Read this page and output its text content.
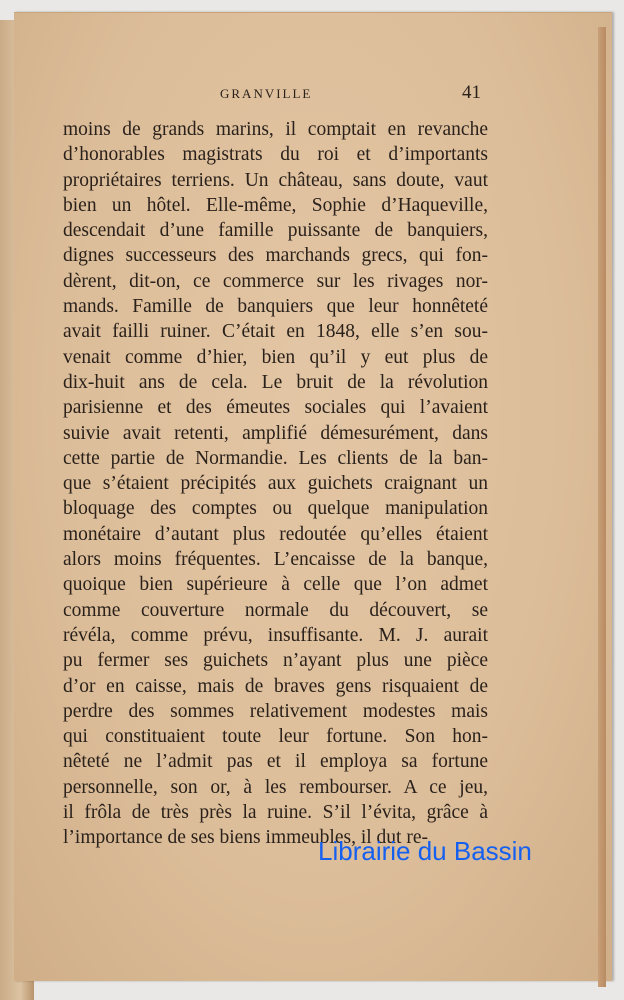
GRANVILLE	41
moins de grands marins, il comptait en revanche
d’honorables magistrats du roi et d’importants
propriétaires terriens. Un château, sans doute, vaut
bien un hôtel. Elle-même, Sophie d’Haqueville,
descendait d’une famille puissante de banquiers,
dignes successeurs des marchands grecs, qui fon-
dèrent, dit-on, ce commerce sur les rivages nor-
mands. Famille de banquiers que leur honnêteté
avait failli ruiner. C’était en 1848, elle s’en sou-
venait comme d’hier, bien qu’il y eut plus de
dix-huit ans de cela. Le bruit de la révolution
parisienne et des émeutes sociales qui l’avaient
suivie avait retenti, amplifié démesurément, dans
cette partie de Normandie. Les clients de la ban-
que s’étaient précipités aux guichets craignant un
bloquage des comptes ou quelque manipulation
monétaire d’autant plus redoutée qu’elles étaient
alors moins fréquentes. L’encaisse de la banque,
quoique bien supérieure à celle que l’on admet
comme couverture normale du découvert, se
révéla, comme prévu, insuffisante. M. J. aurait
pu fermer ses guichets n’ayant plus une pièce
d’or en caisse, mais de braves gens risquaient de
perdre des sommes relativement modestes mais
qui constituaient toute leur fortune. Son hon-
nêteté ne l’admit pas et il employa sa fortune
personnelle, son or, à les rembourser. A ce jeu,
il frôla de très près la ruine. S’il l’évita, grâce à
l’importance de ses biens immeubles, il dut re-
Librairie du Bassin
